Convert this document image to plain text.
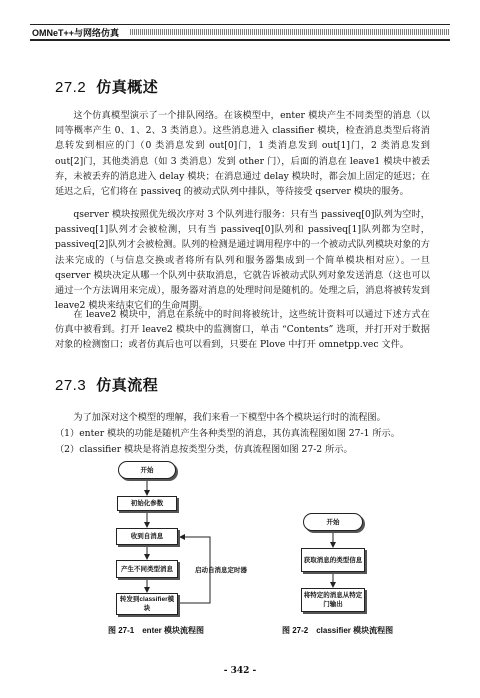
OMNeT++与网络仿真
27.2 仿真概述

这个仿真模型演示了一个排队网络。在该模型中，enter 模块产生不同类型的消息（以同等概率产生 0、1、2、3 类消息）。这些消息进入 classifier 模块，检查消息类型后将消息转发到相应的门（0 类消息发到 out[0]门，1 类消息发到 out[1]门，2 类消息发到 out[2]门，其他类消息（如 3 类消息）发到 other 门），后面的消息在 leave1 模块中被丢弃，未被丢弃的消息进入 delay 模块；在消息通过 delay 模块时，都会加上固定的延迟；在延迟之后，它们将在 passiveq 的被动式队列中排队，等待接受 qserver 模块的服务。

qserver 模块按照优先级次序对 3 个队列进行服务：只有当 passiveq[0]队列为空时，passiveq[1]队列才会被检测，只有当 passiveq[0]队列和 passiveq[1]队列都为空时，passiveq[2]队列才会被检测。队列的检测是通过调用程序中的一个被动式队列模块对象的方法来完成的（与信息交换或者将所有队列和服务器集成到一个简单模块相对应）。一旦 qserver 模块决定从哪一个队列中获取消息，它就告诉被动式队列对象发送消息（这也可以通过一个方法调用来完成），服务器对消息的处理时间是随机的。处理之后，消息将被转发到 leave2 模块来结束它们的生命周期。

在 leave2 模块中，消息在系统中的时间将被统计，这些统计资料可以通过下述方式在仿真中被看到。打开 leave2 模块中的监测窗口，单击 “Contents” 选项，并打开对于数据对象的检测窗口；或者仿真后也可以看到，只要在 Plove 中打开 omnetpp.vec 文件。

27.3 仿真流程

为了加深对这个模型的理解，我们来看一下模型中各个模块运行时的流程图。

（1）enter 模块的功能是随机产生各种类型的消息，其仿真流程图如图 27-1 所示。

（2）classifier 模块是将消息按类型分类，仿真流程图如图 27-2 所示。

开始
初始化参数
收到自消息
产生不同类型消息
转发到classifier模块
启动自消息定时器
图 27-1　enter 模块流程图
开始
获取消息的类型信息
将特定的消息从特定门输出
图 27-2　classifier 模块流程图
- 342 -
